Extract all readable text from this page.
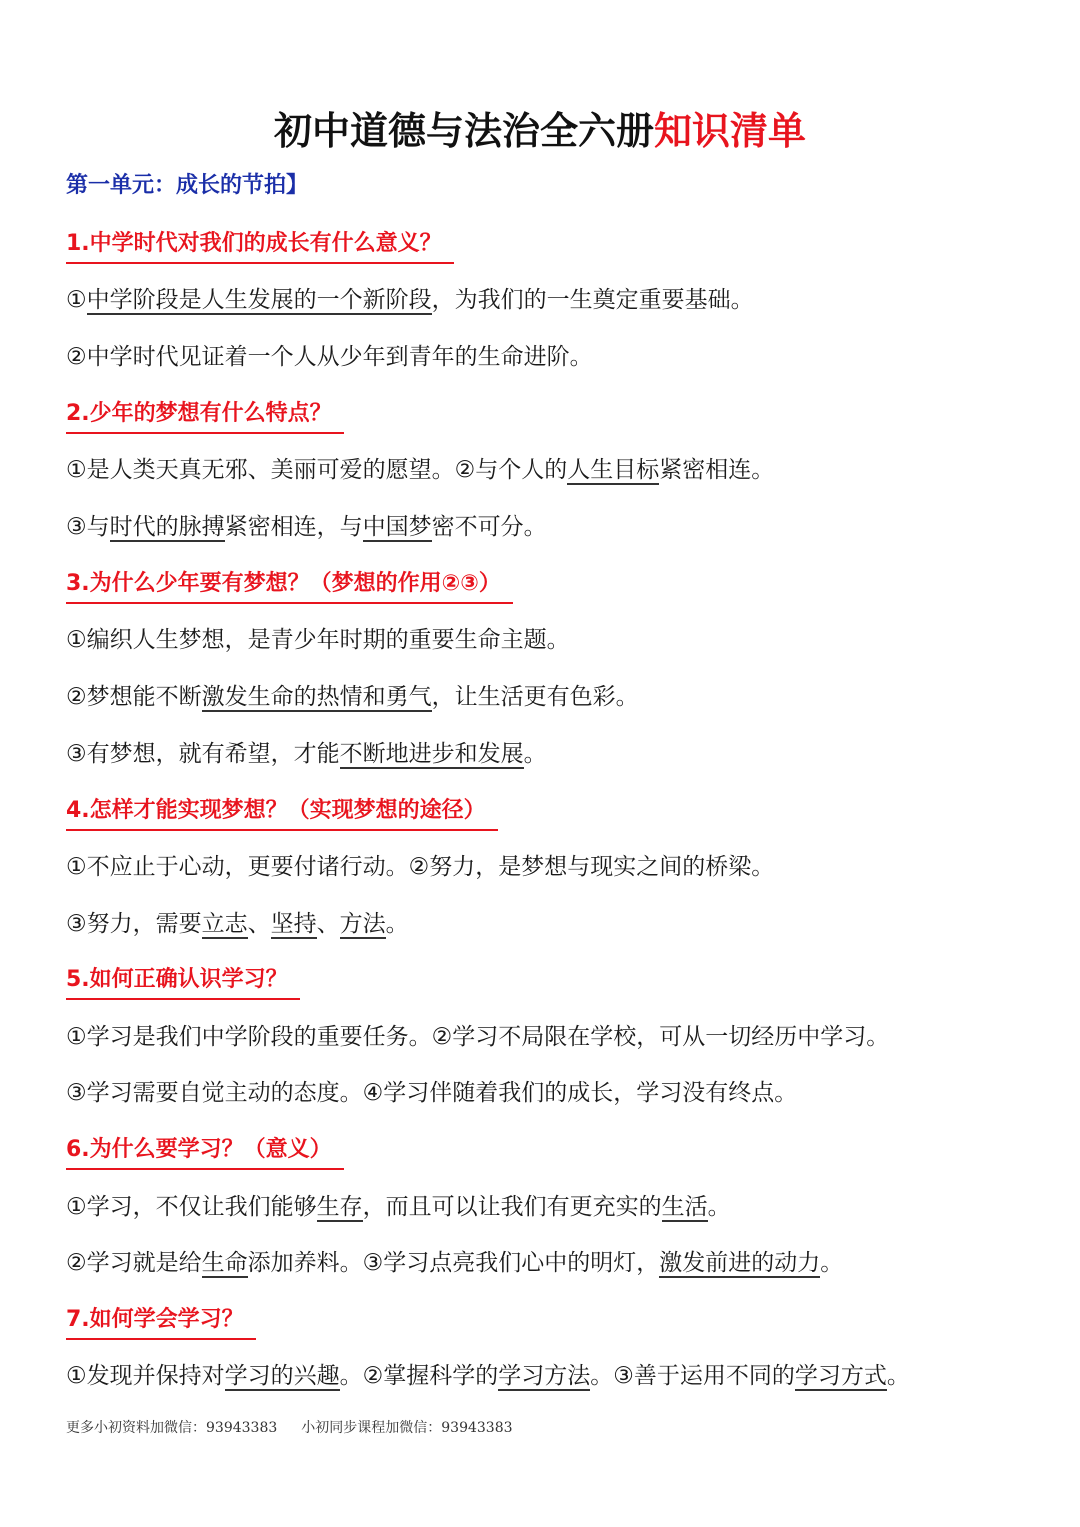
初中道德与法治全六册知识清单
第一单元：成长的节拍】
1.中学时代对我们的成长有什么意义？
①中学阶段是人生发展的一个新阶段，为我们的一生奠定重要基础。
②中学时代见证着一个人从少年到青年的生命进阶。
2.少年的梦想有什么特点？
①是人类天真无邪、美丽可爱的愿望。②与个人的人生目标紧密相连。
③与时代的脉搏紧密相连，与中国梦密不可分。
3.为什么少年要有梦想？（梦想的作用②③）
①编织人生梦想，是青少年时期的重要生命主题。
②梦想能不断激发生命的热情和勇气，让生活更有色彩。
③有梦想，就有希望，才能不断地进步和发展。
4.怎样才能实现梦想？（实现梦想的途径）
①不应止于心动，更要付诸行动。②努力，是梦想与现实之间的桥梁。
③努力，需要立志、坚持、方法。
5.如何正确认识学习？
①学习是我们中学阶段的重要任务。②学习不局限在学校，可从一切经历中学习。
③学习需要自觉主动的态度。④学习伴随着我们的成长，学习没有终点。
6.为什么要学习？（意义）
①学习，不仅让我们能够生存，而且可以让我们有更充实的生活。
②学习就是给生命添加养料。③学习点亮我们心中的明灯，激发前进的动力。
7.如何学会学习？
①发现并保持对学习的兴趣。②掌握科学的学习方法。③善于运用不同的学习方式。
更多小初资料加微信：93943383 小初同步课程加微信：93943383
